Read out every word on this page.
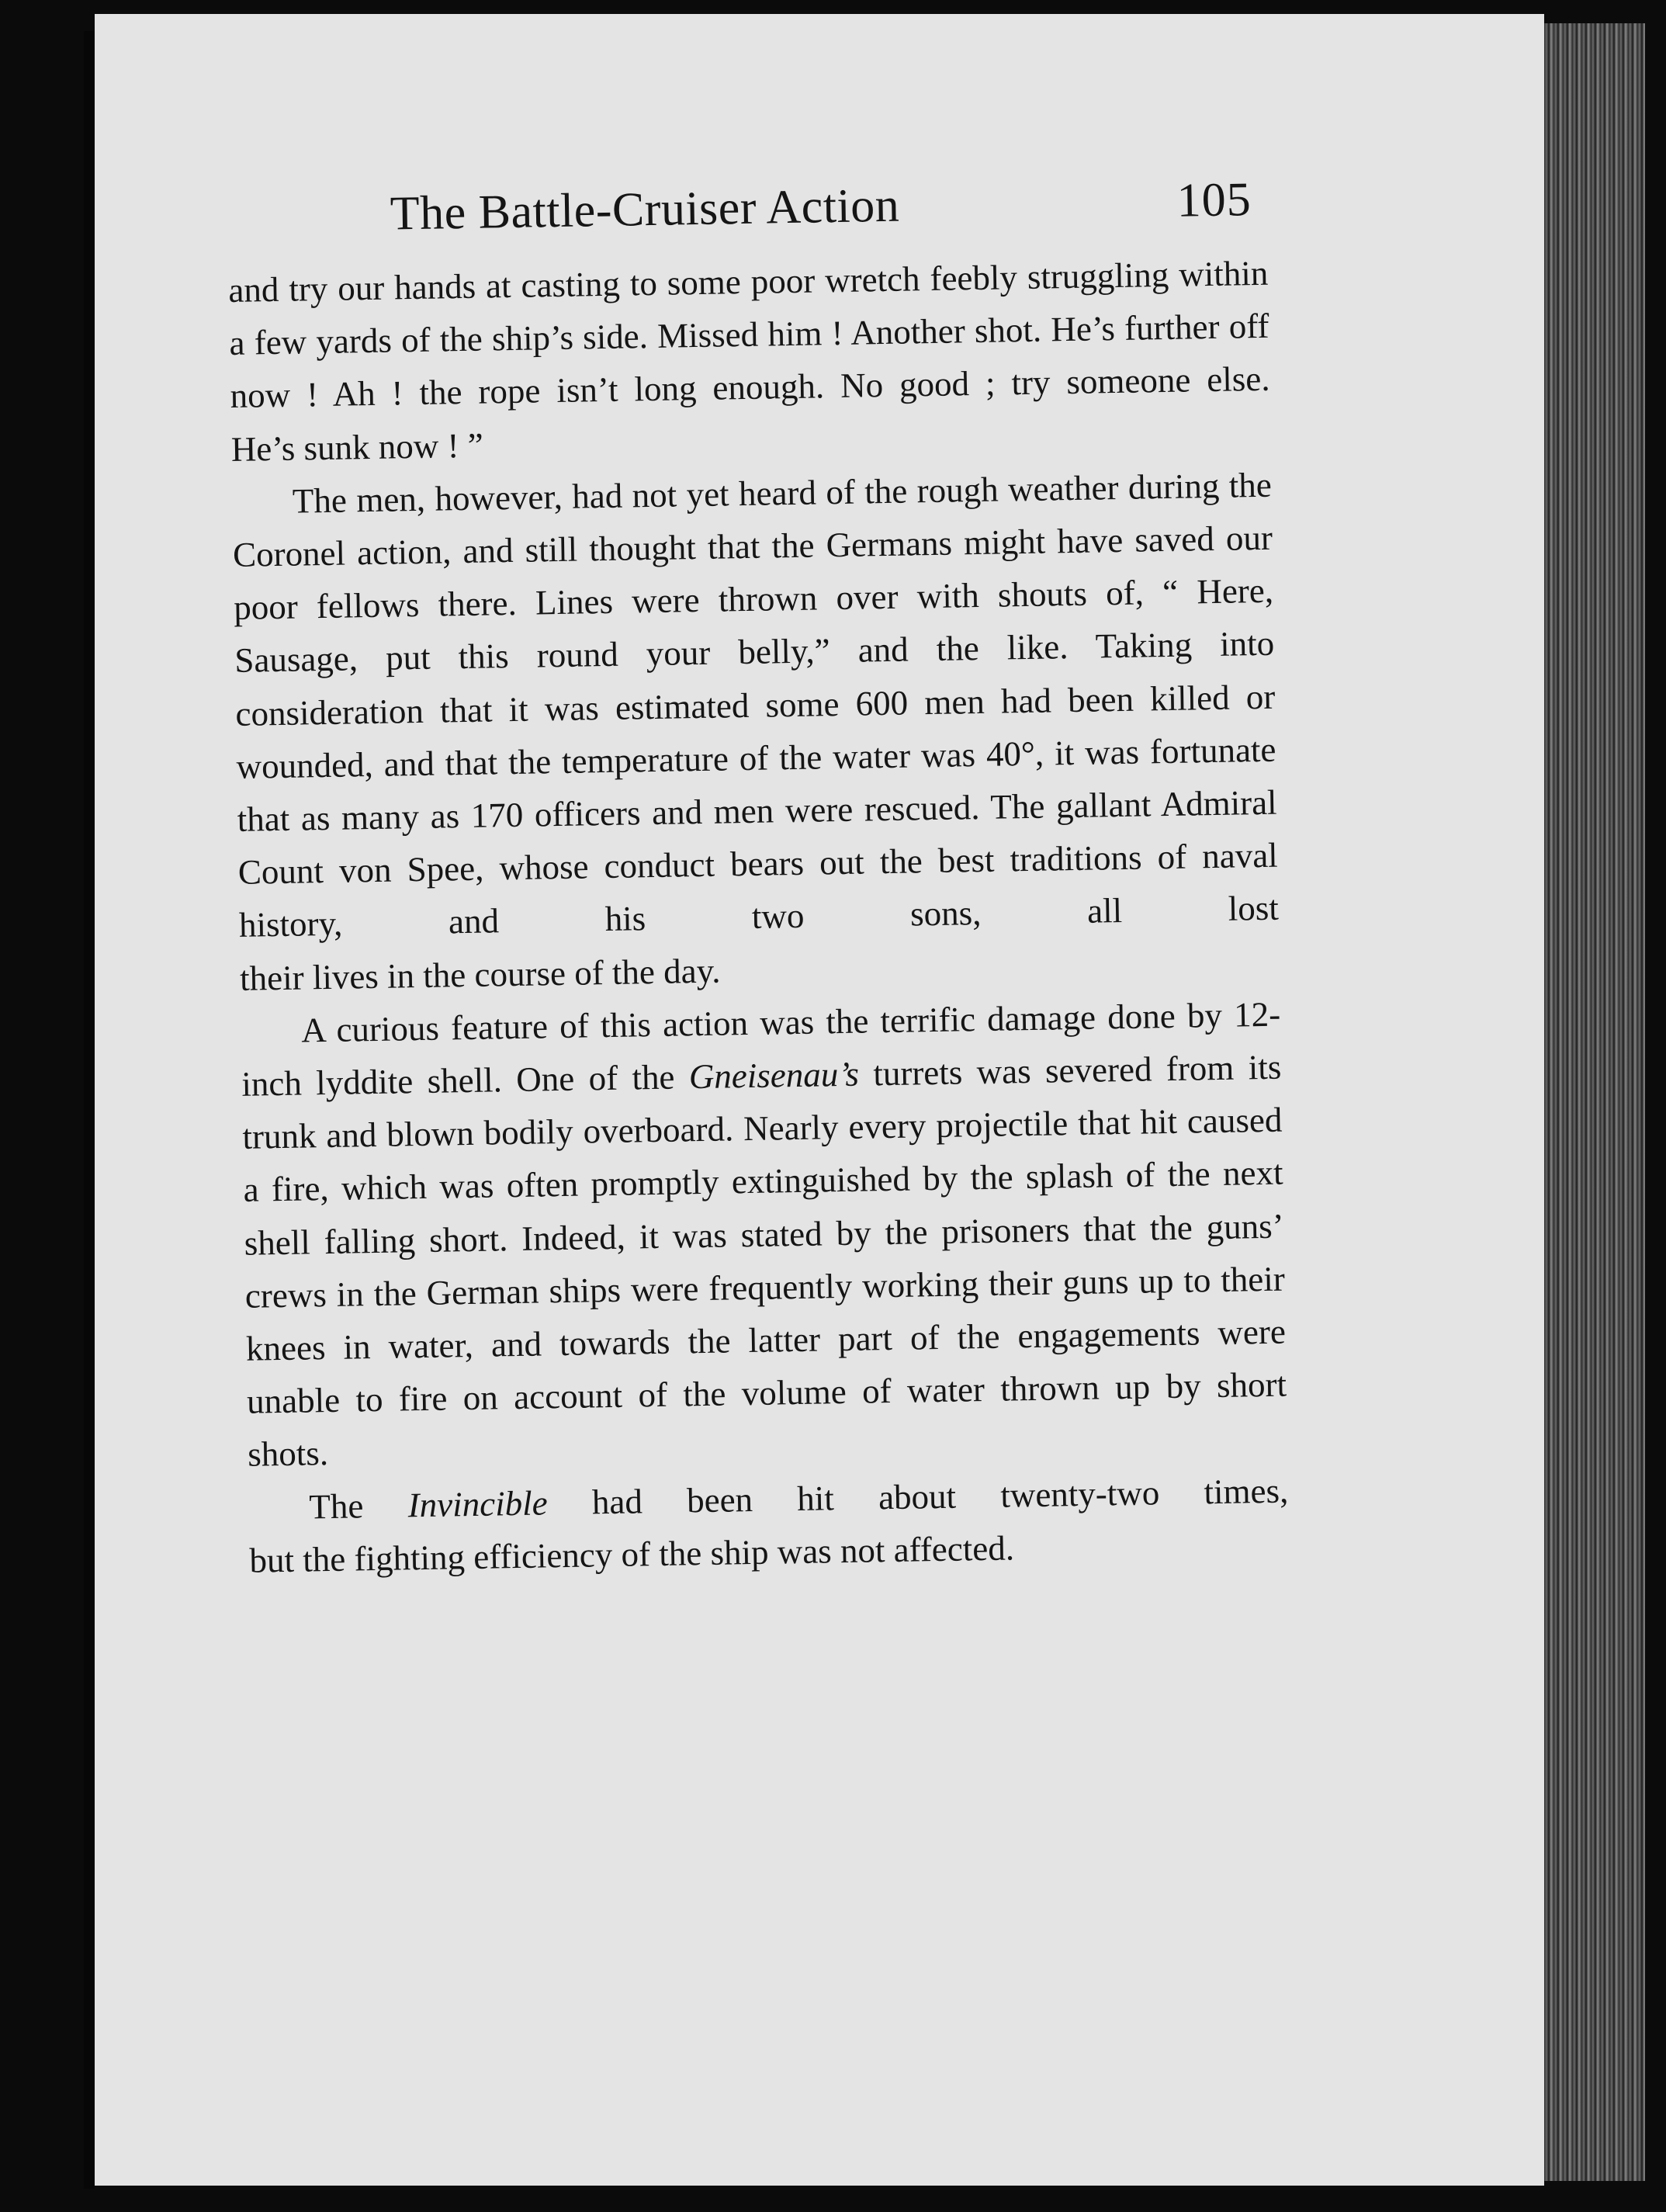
The Battle-Cruiser Action	105

and try our hands at casting to some poor wretch feebly struggling within a few yards of the ship’s side. Missed him ! Another shot. He’s further off now ! Ah ! the rope isn’t long enough. No good ; try someone else.
He’s sunk now ! ”

The men, however, had not yet heard of the rough weather during the Coronel action, and still thought that the Germans might have saved our poor fellows there. Lines were thrown over with shouts of, “ Here, Sausage, put this round your belly,” and the like. Taking into consideration that it was estimated some 600 men had been killed or wounded, and that the temperature of the water was 40°, it was fortunate that as many as 170 officers and men were rescued. The gallant Admiral Count von Spee, whose conduct bears out the best traditions of naval history, and his two sons, all lost
their lives in the course of the day.

A curious feature of this action was the terrific damage done by 12-inch lyddite shell. One of the Gneisenau’s turrets was severed from its trunk and blown bodily overboard. Nearly every projectile that hit caused a fire, which was often promptly extinguished by the splash of the next shell falling short. Indeed, it was stated by the prisoners that the guns’ crews in the German ships were frequently working their guns up to their knees in water, and towards the latter part of the engagements were unable to fire on account of the volume of water thrown up by short
shots.

The Invincible had been hit about twenty-two times,
but the fighting efficiency of the ship was not affected.
